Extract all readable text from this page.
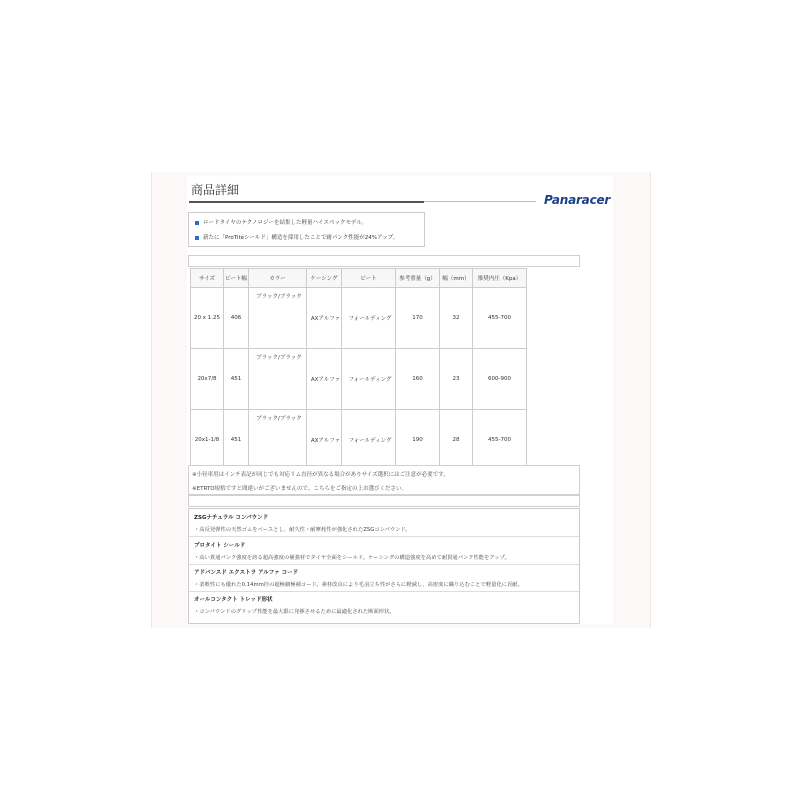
商品詳細
Panaracer
ロードタイヤのテクノロジーを結集した軽量ハイスペックモデル。
新たに「ProTiteシールド」構造を採用したことで耐パンク性能が24%アップ。
サイズ	ビート幅	カラー	ケーシング	ビート	参考重量（g）	幅（mm）	推奨内圧（Kpa）
20 x 1.25	406	ブラック/ブラック	AXアルファ	フォールディング	170	32	455-700
20x7/8	451	ブラック/ブラック	AXアルファ	フォールディング	160	23	600-900
20x1-1/8	451	ブラック/ブラック	AXアルファ	フォールディング	190	28	455-700
※小径車用はインチ表記が同じでも対応リム直径が異なる場合がありサイズ選択にはご注意が必要です。
※ETRTO規格ですと間違いがございませんので、こちらをご指定の上お選びください。
ZSGナチュラル コンパウンド
・高反発弾性の天然ゴムをベースとし、耐久性・耐摩耗性が強化されたZSGコンパウンド。
プロタイト シールド
・高い貫通パンク強度を誇る超高強度の補強材でタイヤ全面をシールド。ケーシングの構造強度を高めて耐貫通パンク性能をアップ。
アドバンスド エクストラ アルファ コード
・柔軟性にも優れた0.14mm径の超極細極補コード。素材改良により毛羽立ち性がさらに軽減し、高密度に織り込むことで軽量化に貢献。
オールコンタクト トレッド形状
・コンパウンドのグリップ性能を最大限に発揮させるために最適化された断面形状。
